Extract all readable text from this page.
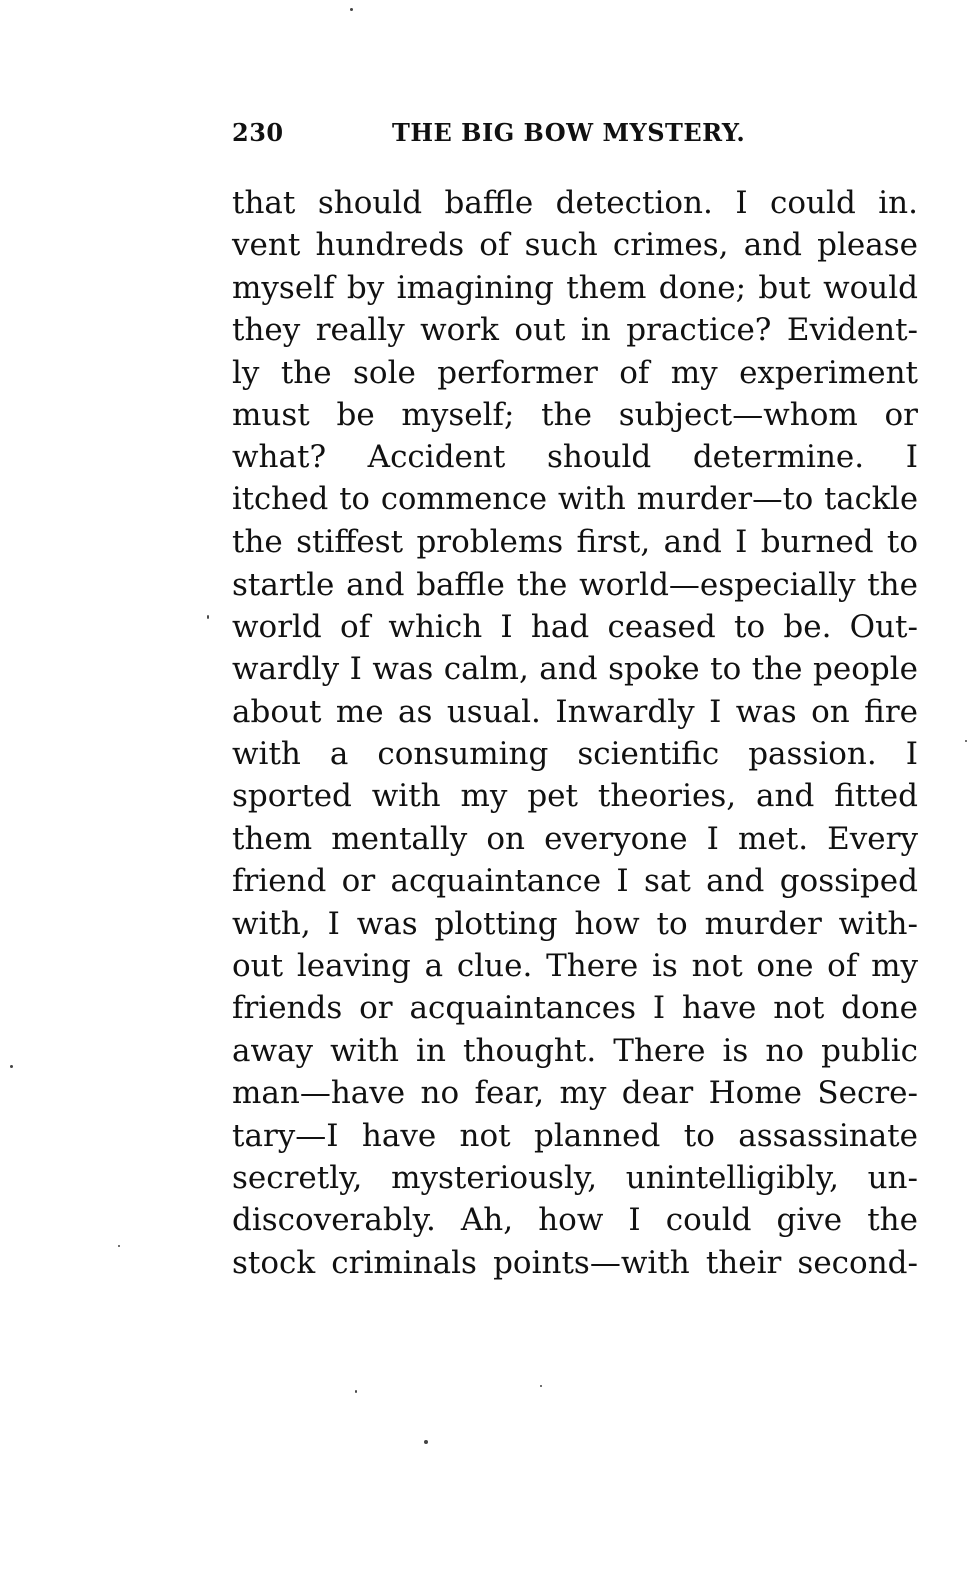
230	THE BIG BOW MYSTERY.
that should baffle detection. I could in.
vent hundreds of such crimes, and please
myself by imagining them done; but would
they really work out in practice? Evident-
ly the sole performer of my experiment
must be myself; the subject—whom or
what? Accident should determine. I
itched to commence with murder—to tackle
the stiffest problems first, and I burned to
startle and baffle the world—especially the
world of which I had ceased to be. Out-
wardly I was calm, and spoke to the people
about me as usual. Inwardly I was on fire
with a consuming scientific passion. I
sported with my pet theories, and fitted
them mentally on everyone I met. Every
friend or acquaintance I sat and gossiped
with, I was plotting how to murder with-
out leaving a clue. There is not one of my
friends or acquaintances I have not done
away with in thought. There is no public
man—have no fear, my dear Home Secre-
tary—I have not planned to assassinate
secretly, mysteriously, unintelligibly, un-
discoverably. Ah, how I could give the
stock criminals points—with their second-
